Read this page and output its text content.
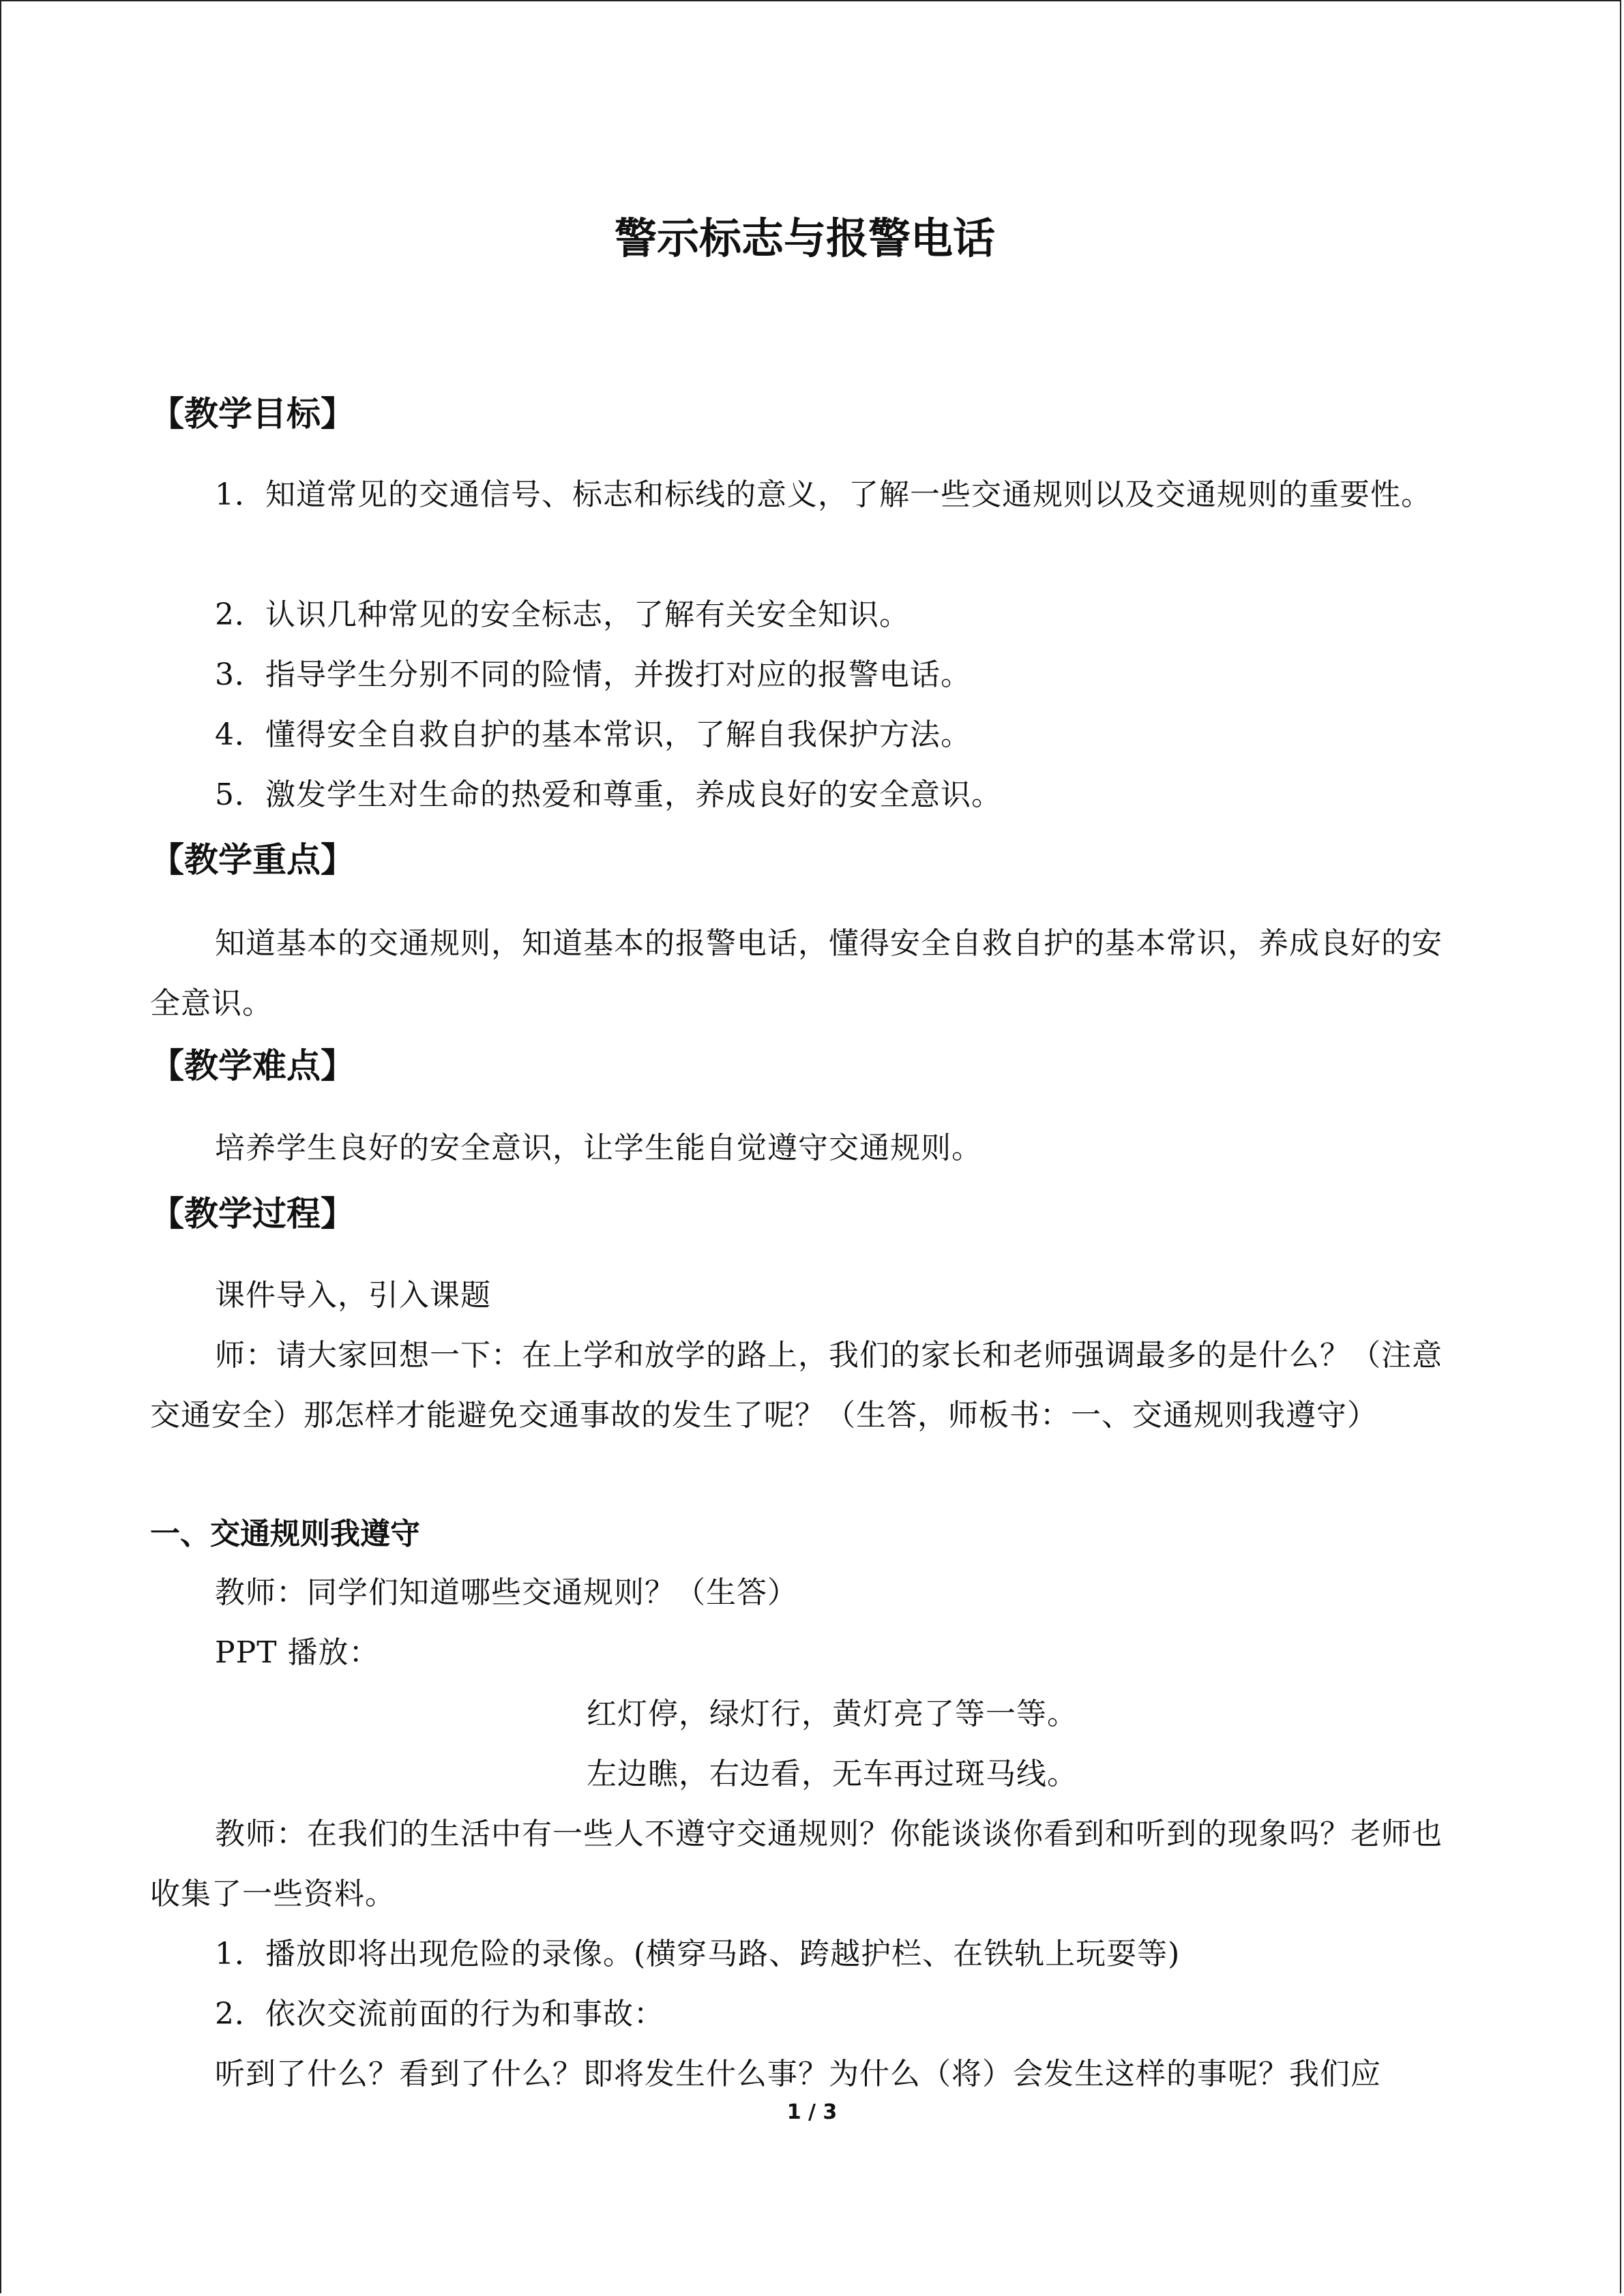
警示标志与报警电话
【教学目标】

1．知道常见的交通信号、标志和标线的意义，了解一些交通规则以及交通规则的重要性。

2．认识几种常见的安全标志，了解有关安全知识。

3．指导学生分别不同的险情，并拨打对应的报警电话。

4．懂得安全自救自护的基本常识，了解自我保护方法。

5．激发学生对生命的热爱和尊重，养成良好的安全意识。

【教学重点】

知道基本的交通规则，知道基本的报警电话，懂得安全自救自护的基本常识，养成良好的安全意识。

【教学难点】

培养学生良好的安全意识，让学生能自觉遵守交通规则。

【教学过程】

课件导入，引入课题

师：请大家回想一下：在上学和放学的路上，我们的家长和老师强调最多的是什么？（注意交通安全）那怎样才能避免交通事故的发生了呢？（生答，师板书：一、交通规则我遵守）

一、交通规则我遵守

教师：同学们知道哪些交通规则？（生答）

PPT 播放：

红灯停，绿灯行，黄灯亮了等一等。

左边瞧，右边看，无车再过斑马线。

教师：在我们的生活中有一些人不遵守交通规则？你能谈谈你看到和听到的现象吗？老师也收集了一些资料。

1．播放即将出现危险的录像。(横穿马路、跨越护栏、在铁轨上玩耍等)

2．依次交流前面的行为和事故：

听到了什么？看到了什么？即将发生什么事？为什么（将）会发生这样的事呢？我们应

1 / 3
